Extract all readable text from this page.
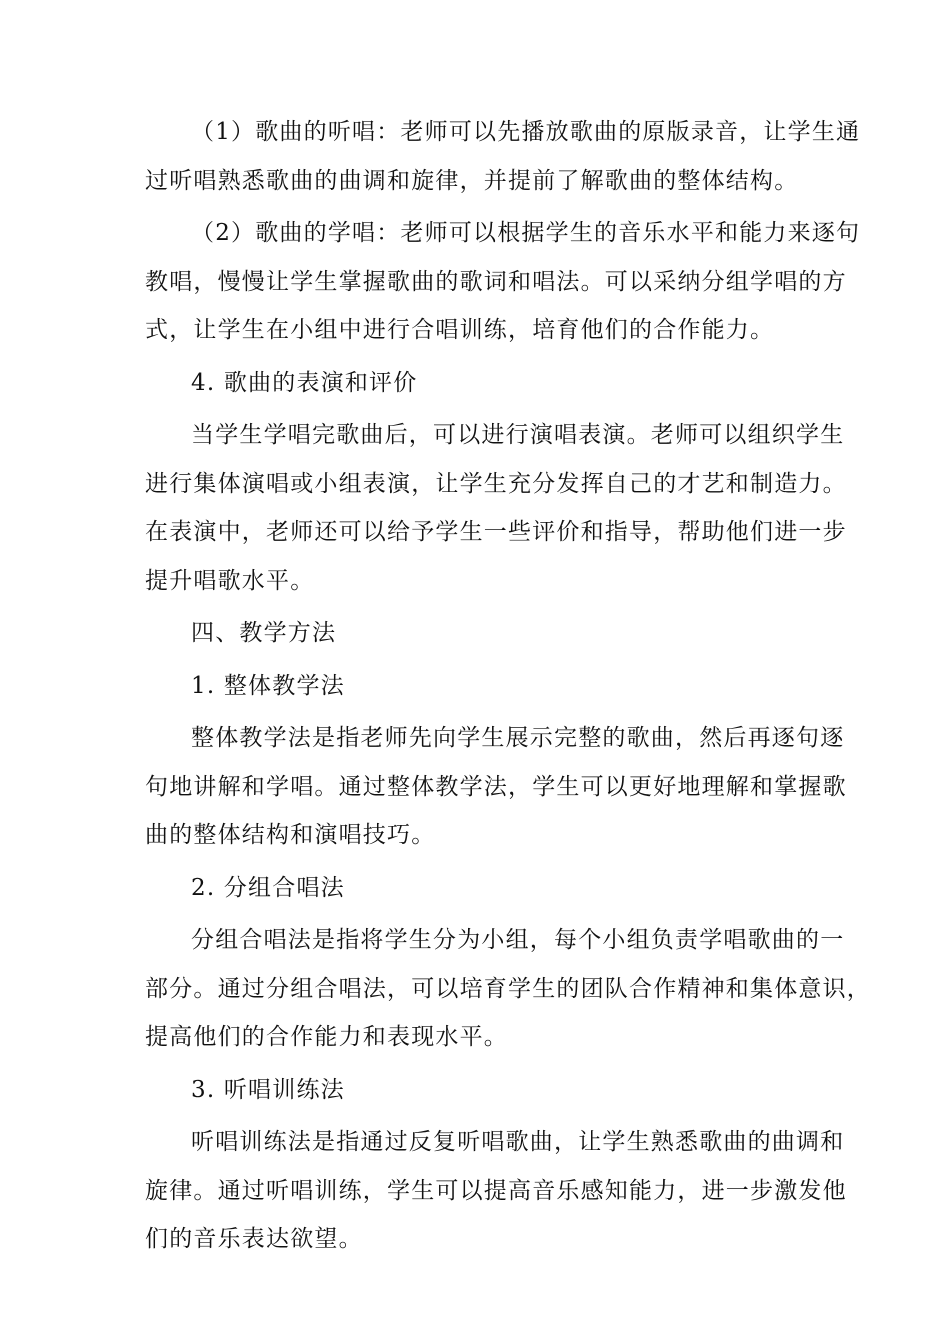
（1）歌曲的听唱：老师可以先播放歌曲的原版录音，让学生通
过听唱熟悉歌曲的曲调和旋律，并提前了解歌曲的整体结构。
（2）歌曲的学唱：老师可以根据学生的音乐水平和能力来逐句
教唱，慢慢让学生掌握歌曲的歌词和唱法。可以采纳分组学唱的方
式，让学生在小组中进行合唱训练，培育他们的合作能力。
4. 歌曲的表演和评价
当学生学唱完歌曲后，可以进行演唱表演。老师可以组织学生
进行集体演唱或小组表演，让学生充分发挥自己的才艺和制造力。
在表演中，老师还可以给予学生一些评价和指导，帮助他们进一步
提升唱歌水平。
四、教学方法
1. 整体教学法
整体教学法是指老师先向学生展示完整的歌曲，然后再逐句逐
句地讲解和学唱。通过整体教学法，学生可以更好地理解和掌握歌
曲的整体结构和演唱技巧。
2. 分组合唱法
分组合唱法是指将学生分为小组，每个小组负责学唱歌曲的一
部分。通过分组合唱法，可以培育学生的团队合作精神和集体意识，
提高他们的合作能力和表现水平。
3. 听唱训练法
听唱训练法是指通过反复听唱歌曲，让学生熟悉歌曲的曲调和
旋律。通过听唱训练，学生可以提高音乐感知能力，进一步激发他
们的音乐表达欲望。
